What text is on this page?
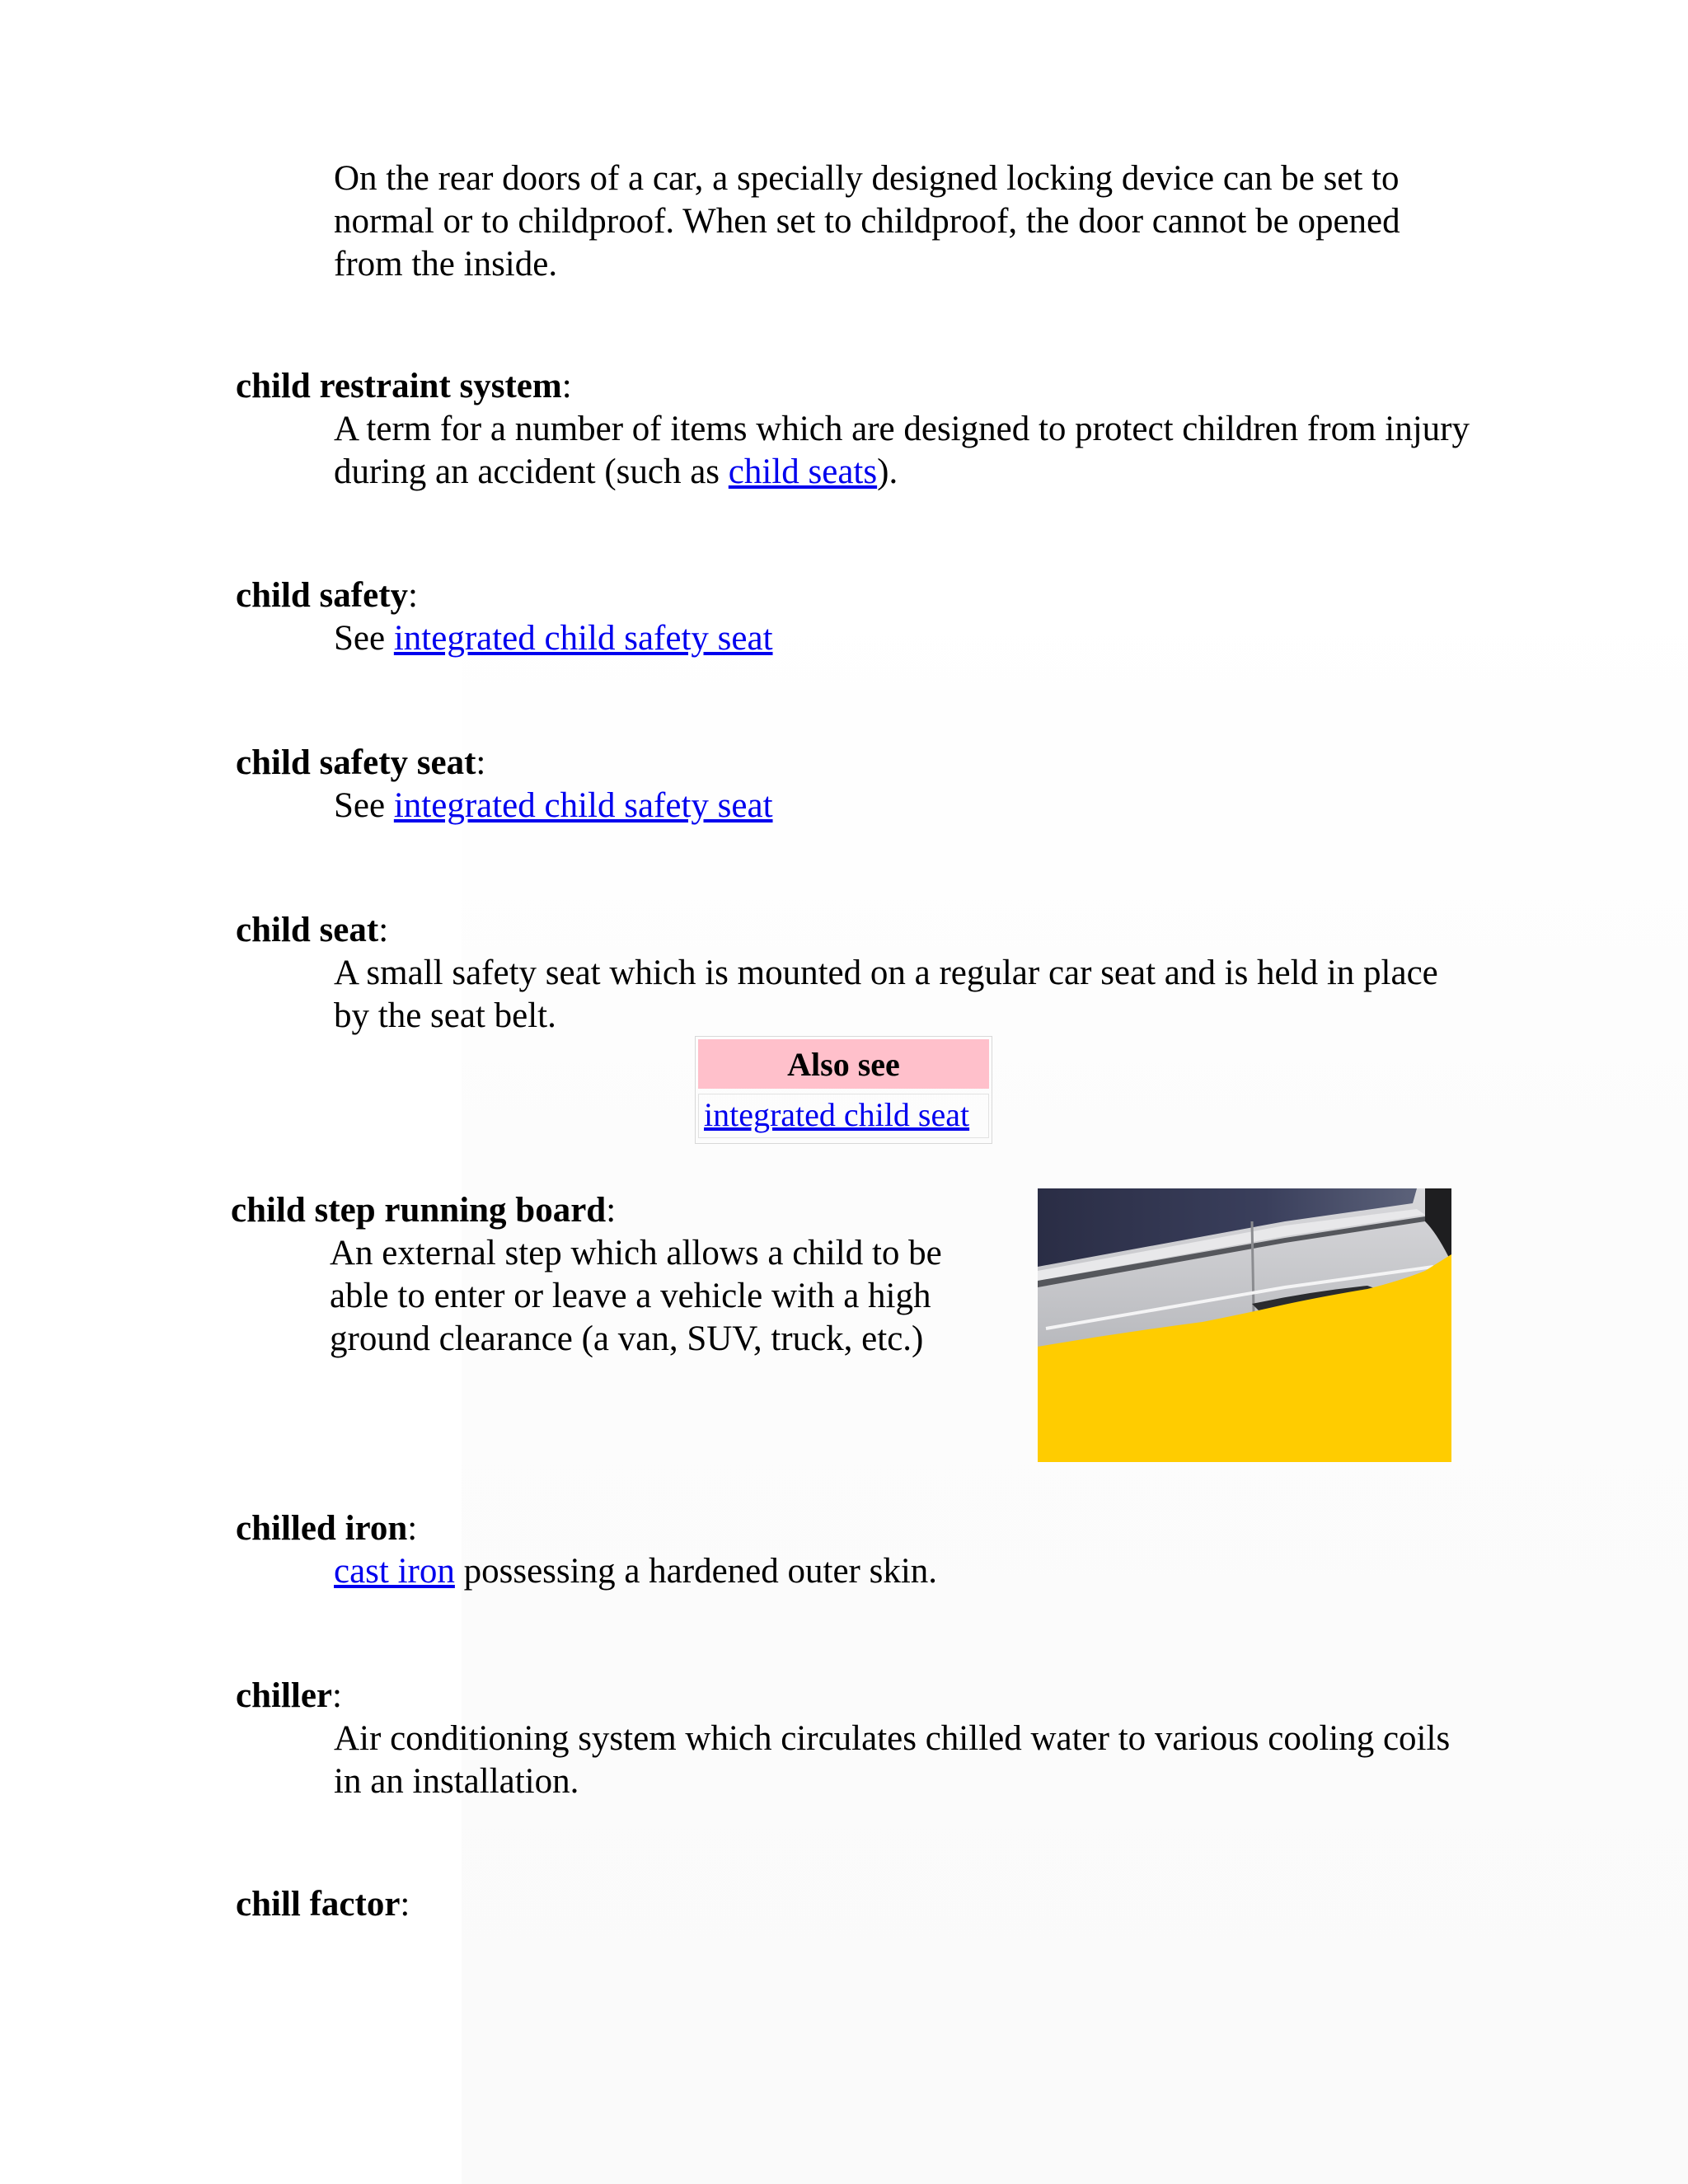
On the rear doors of a car, a specially designed locking device can be set to normal or to childproof. When set to childproof, the door cannot be opened from the inside.
child restraint system:
A term for a number of items which are designed to protect children from injury during an accident (such as child seats).
child safety:
See integrated child safety seat
child safety seat:
See integrated child safety seat
child seat:
A small safety seat which is mounted on a regular car seat and is held in place by the seat belt.
Also see
integrated child seat
child step running board:
An external step which allows a child to be able to enter or leave a vehicle with a high ground clearance (a van, SUV, truck, etc.)
chilled iron:
cast iron possessing a hardened outer skin.
chiller:
Air conditioning system which circulates chilled water to various cooling coils in an installation.
chill factor:
